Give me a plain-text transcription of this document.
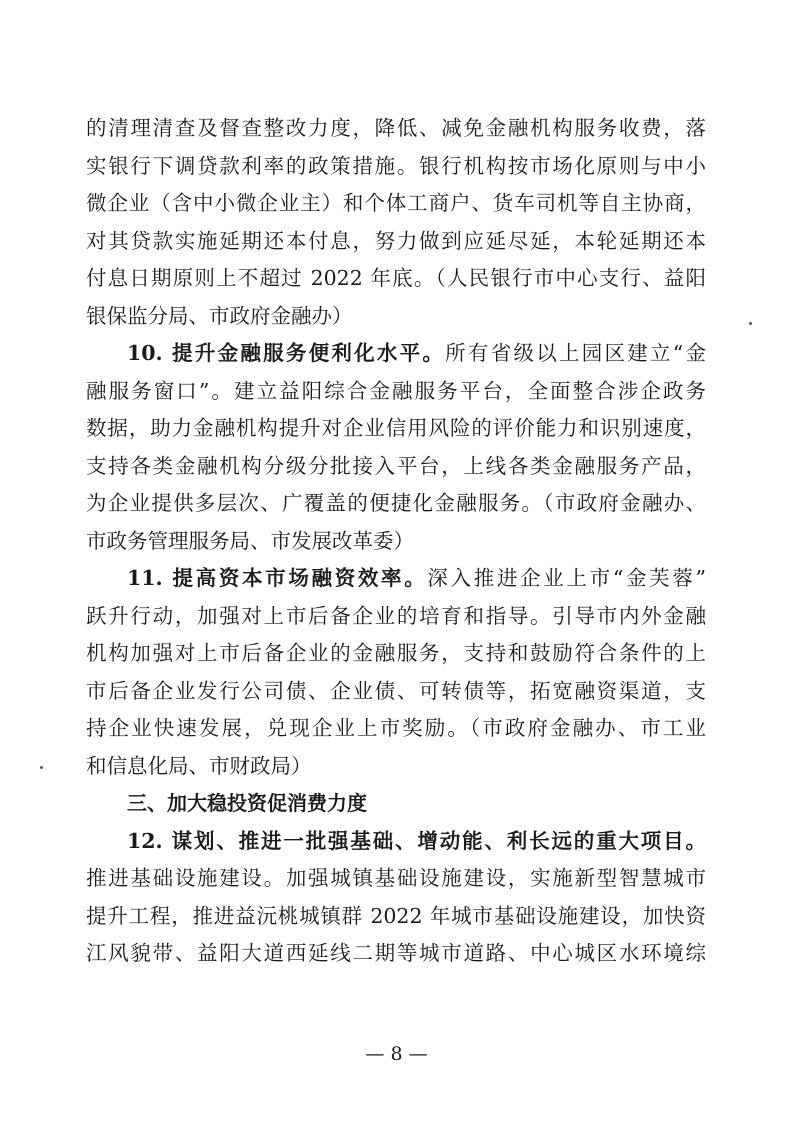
的清理清查及督查整改力度，降低、减免金融机构服务收费，落
实银行下调贷款利率的政策措施。银行机构按市场化原则与中小
微企业（含中小微企业主）和个体工商户、货车司机等自主协商，
对其贷款实施延期还本付息，努力做到应延尽延，本轮延期还本
付息日期原则上不超过 2022 年底。（人民银行市中心支行、益阳
银保监分局、市政府金融办）
10. 提升金融服务便利化水平。所有省级以上园区建立“金
融服务窗口”。建立益阳综合金融服务平台，全面整合涉企政务
数据，助力金融机构提升对企业信用风险的评价能力和识别速度，
支持各类金融机构分级分批接入平台，上线各类金融服务产品，
为企业提供多层次、广覆盖的便捷化金融服务。（市政府金融办、
市政务管理服务局、市发展改革委）
11. 提高资本市场融资效率。深入推进企业上市“金芙蓉”
跃升行动，加强对上市后备企业的培育和指导。引导市内外金融
机构加强对上市后备企业的金融服务，支持和鼓励符合条件的上
市后备企业发行公司债、企业债、可转债等，拓宽融资渠道，支
持企业快速发展，兑现企业上市奖励。（市政府金融办、市工业
和信息化局、市财政局）
三、加大稳投资促消费力度
12. 谋划、推进一批强基础、增动能、利长远的重大项目。
推进基础设施建设。加强城镇基础设施建设，实施新型智慧城市
提升工程，推进益沅桃城镇群 2022 年城市基础设施建设，加快资
江风貌带、益阳大道西延线二期等城市道路、中心城区水环境综
— 8 —
